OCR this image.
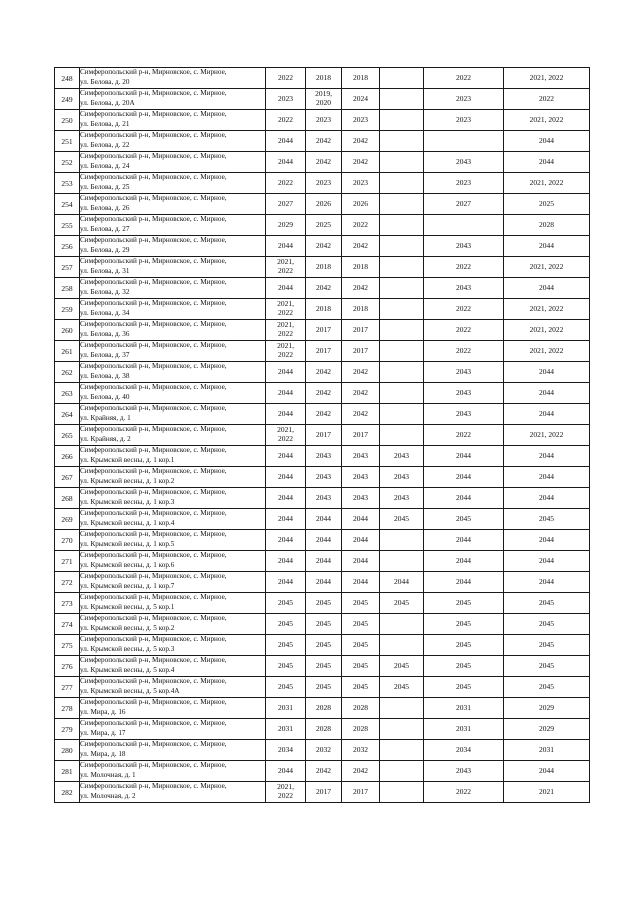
248	Симферопольский р-н, Мирновское, с. Мирное,
ул. Белова, д. 20	2022	2018	2018		2022	2021, 2022
249	Симферопольский р-н, Мирновское, с. Мирное,
ул. Белова, д. 20А	2023	2019,
2020	2024		2023	2022
250	Симферопольский р-н, Мирновское, с. Мирное,
ул. Белова, д. 21	2022	2023	2023		2023	2021, 2022
251	Симферопольский р-н, Мирновское, с. Мирное,
ул. Белова, д. 22	2044	2042	2042			2044
252	Симферопольский р-н, Мирновское, с. Мирное,
ул. Белова, д. 24	2044	2042	2042		2043	2044
253	Симферопольский р-н, Мирновское, с. Мирное,
ул. Белова, д. 25	2022	2023	2023		2023	2021, 2022
254	Симферопольский р-н, Мирновское, с. Мирное,
ул. Белова, д. 26	2027	2026	2026		2027	2025
255	Симферопольский р-н, Мирновское, с. Мирное,
ул. Белова, д. 27	2029	2025	2022			2028
256	Симферопольский р-н, Мирновское, с. Мирное,
ул. Белова, д. 29	2044	2042	2042		2043	2044
257	Симферопольский р-н, Мирновское, с. Мирное,
ул. Белова, д. 31	2021,
2022	2018	2018		2022	2021, 2022
258	Симферопольский р-н, Мирновское, с. Мирное,
ул. Белова, д. 32	2044	2042	2042		2043	2044
259	Симферопольский р-н, Мирновское, с. Мирное,
ул. Белова, д. 34	2021,
2022	2018	2018		2022	2021, 2022
260	Симферопольский р-н, Мирновское, с. Мирное,
ул. Белова, д. 36	2021,
2022	2017	2017		2022	2021, 2022
261	Симферопольский р-н, Мирновское, с. Мирное,
ул. Белова, д. 37	2021,
2022	2017	2017		2022	2021, 2022
262	Симферопольский р-н, Мирновское, с. Мирное,
ул. Белова, д. 38	2044	2042	2042		2043	2044
263	Симферопольский р-н, Мирновское, с. Мирное,
ул. Белова, д. 40	2044	2042	2042		2043	2044
264	Симферопольский р-н, Мирновское, с. Мирное,
ул. Крайняя, д. 1	2044	2042	2042		2043	2044
265	Симферопольский р-н, Мирновское, с. Мирное,
ул. Крайняя, д. 2	2021,
2022	2017	2017		2022	2021, 2022
266	Симферопольский р-н, Мирновское, с. Мирное,
ул. Крымской весны, д. 1 кор.1	2044	2043	2043	2043	2044	2044
267	Симферопольский р-н, Мирновское, с. Мирное,
ул. Крымской весны, д. 1 кор.2	2044	2043	2043	2043	2044	2044
268	Симферопольский р-н, Мирновское, с. Мирное,
ул. Крымской весны, д. 1 кор.3	2044	2043	2043	2043	2044	2044
269	Симферопольский р-н, Мирновское, с. Мирное,
ул. Крымской весны, д. 1 кор.4	2044	2044	2044	2045	2045	2045
270	Симферопольский р-н, Мирновское, с. Мирное,
ул. Крымской весны, д. 1 кор.5	2044	2044	2044		2044	2044
271	Симферопольский р-н, Мирновское, с. Мирное,
ул. Крымской весны, д. 1 кор.6	2044	2044	2044		2044	2044
272	Симферопольский р-н, Мирновское, с. Мирное,
ул. Крымской весны, д. 1 кор.7	2044	2044	2044	2044	2044	2044
273	Симферопольский р-н, Мирновское, с. Мирное,
ул. Крымской весны, д. 5 кор.1	2045	2045	2045	2045	2045	2045
274	Симферопольский р-н, Мирновское, с. Мирное,
ул. Крымской весны, д. 5 кор.2	2045	2045	2045		2045	2045
275	Симферопольский р-н, Мирновское, с. Мирное,
ул. Крымской весны, д. 5 кор.3	2045	2045	2045		2045	2045
276	Симферопольский р-н, Мирновское, с. Мирное,
ул. Крымской весны, д. 5 кор.4	2045	2045	2045	2045	2045	2045
277	Симферопольский р-н, Мирновское, с. Мирное,
ул. Крымской весны, д. 5 кор.4А	2045	2045	2045	2045	2045	2045
278	Симферопольский р-н, Мирновское, с. Мирное,
ул. Мира, д. 16	2031	2028	2028		2031	2029
279	Симферопольский р-н, Мирновское, с. Мирное,
ул. Мира, д. 17	2031	2028	2028		2031	2029
280	Симферопольский р-н, Мирновское, с. Мирное,
ул. Мира, д. 18	2034	2032	2032		2034	2031
281	Симферопольский р-н, Мирновское, с. Мирное,
ул. Молочная, д. 1	2044	2042	2042		2043	2044
282	Симферопольский р-н, Мирновское, с. Мирное,
ул. Молочная, д. 2	2021,
2022	2017	2017		2022	2021
